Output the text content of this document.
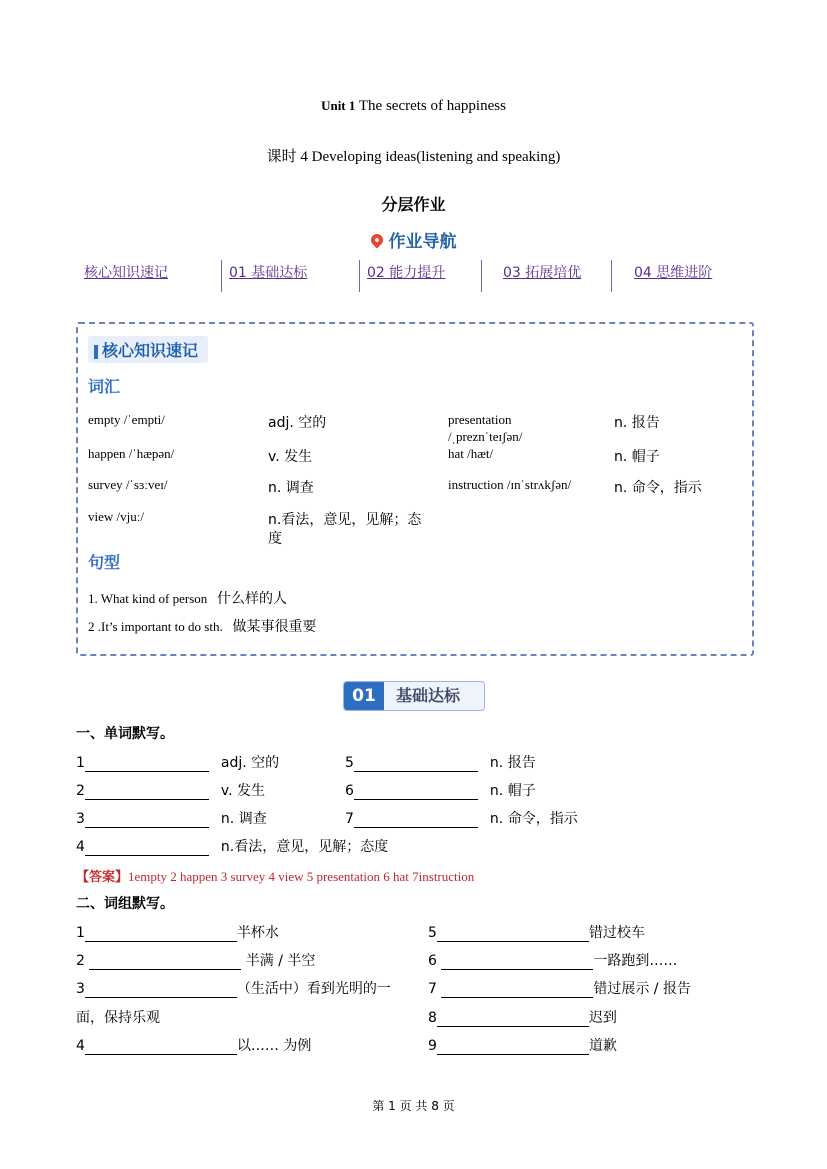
Unit 1 The secrets of happiness
课时 4 Developing ideas(listening and speaking)
分层作业
作业导航
核心知识速记	01 基础达标	02 能力提升	03 拓展培优	04 思维进阶
核心知识速记
词汇
empty /ˈempti/	adj. 空的	presentation	n. 报告
/ˌpreznˈteɪʃən/
happen /ˈhæpən/	v. 发生	hat /hæt/	n. 帽子
survey /ˈsɜːveɪ/	n. 调查	instruction /ɪnˈstrʌkʃən/	n. 命令，指示
view /vjuː/	n.看法，意见，见解；态
度
句型
1. What kind of person 什么样的人
2 .It’s important to do sth. 做某事很重要
01	基础达标
一、单词默写。
1	adj. 空的
2	v. 发生
3	n. 调查
4	n.看法，意见，见解；态度
5	n. 报告
6	n. 帽子
7	n. 命令，指示
【答案】1empty 2 happen 3 survey 4 view 5 presentation 6 hat 7instruction
二、词组默写。
1	半杯水
2	半满 / 半空
3	（生活中）看到光明的一
面，保持乐观
4	以…… 为例
5	错过校车
6	一路跑到……
7	错过展示 / 报告
8	迟到
9	道歉
第 1 页 共 8 页
